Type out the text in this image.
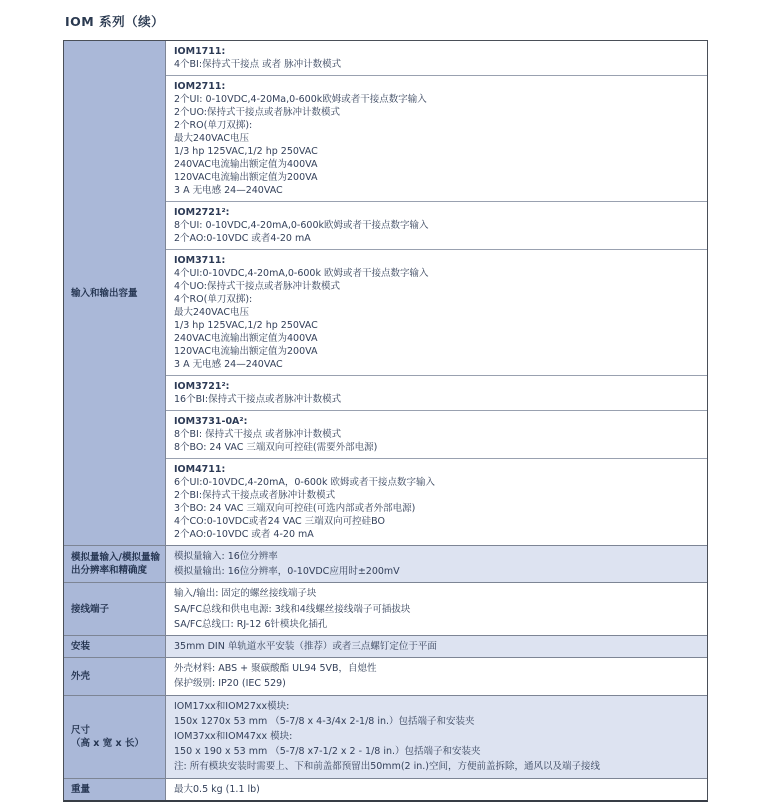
IOM 系列（续）
输入和输出容量
IOM1711:
4个BI:保持式干接点 或者 脉冲计数模式
IOM2711:
2个UI: 0-10VDC,4-20Ma,0-600k欧姆或者干接点数字输入
2个UO:保持式干接点或者脉冲计数模式
2个RO(单刀双掷):
最大240VAC电压
1/3 hp 125VAC,1/2 hp 250VAC
240VAC电流输出额定值为400VA
120VAC电流输出额定值为200VA
3 A 无电感 24—240VAC
IOM2721²:
8个UI: 0-10VDC,4-20mA,0-600k欧姆或者干接点数字输入
2个AO:0-10VDC 或者4-20 mA
IOM3711:
4个UI:0-10VDC,4-20mA,0-600k 欧姆或者干接点数字输入
4个UO:保持式干接点或者脉冲计数模式
4个RO(单刀双掷):
最大240VAC电压
1/3 hp 125VAC,1/2 hp 250VAC
240VAC电流输出额定值为400VA
120VAC电流输出额定值为200VA
3 A 无电感 24—240VAC
IOM3721²:
16个BI:保持式干接点或者脉冲计数模式
IOM3731-0A²:
8个BI: 保持式干接点 或者脉冲计数模式
8个BO: 24 VAC 三端双向可控硅(需要外部电源)
IOM4711:
6个UI:0-10VDC,4-20mA，0-600k 欧姆或者干接点数字输入
2个BI:保持式干接点或者脉冲计数模式
3个BO: 24 VAC 三端双向可控硅(可选内部或者外部电源)
4个CO:0-10VDC或者24 VAC 三端双向可控硅BO
2个AO:0-10VDC 或者 4-20 mA
模拟量输入/模拟量输出分辨率和精确度
模拟量输入: 16位分辨率
模拟量输出: 16位分辨率，0-10VDC应用时±200mV
接线端子
输入/输出: 固定的螺丝接线端子块
SA/FC总线和供电电源: 3线和4线螺丝接线端子可插拔块
SA/FC总线口: RJ-12 6针模块化插孔
安装	35mm DIN 单轨道水平安装（推荐）或者三点螺钉定位于平面
外壳
外壳材料: ABS + 聚碳酸酯 UL94 5VB，自熄性
保护级别: IP20 (IEC 529)
尺寸
（高 x 宽 x 长）
IOM17xx和IOM27xx模块:
150x 1270x 53 mm （5-7/8 x 4-3/4x 2-1/8 in.）包括端子和安装夹
IOM37xx和IOM47xx 模块:
150 x 190 x 53 mm （5-7/8 x7-1/2 x 2 - 1/8 in.）包括端子和安装夹
注: 所有模块安装时需要上、下和前盖都预留出50mm(2 in.)空间，方便前盖拆除，通风以及端子接线
重量	最大0.5 kg (1.1 lb)
